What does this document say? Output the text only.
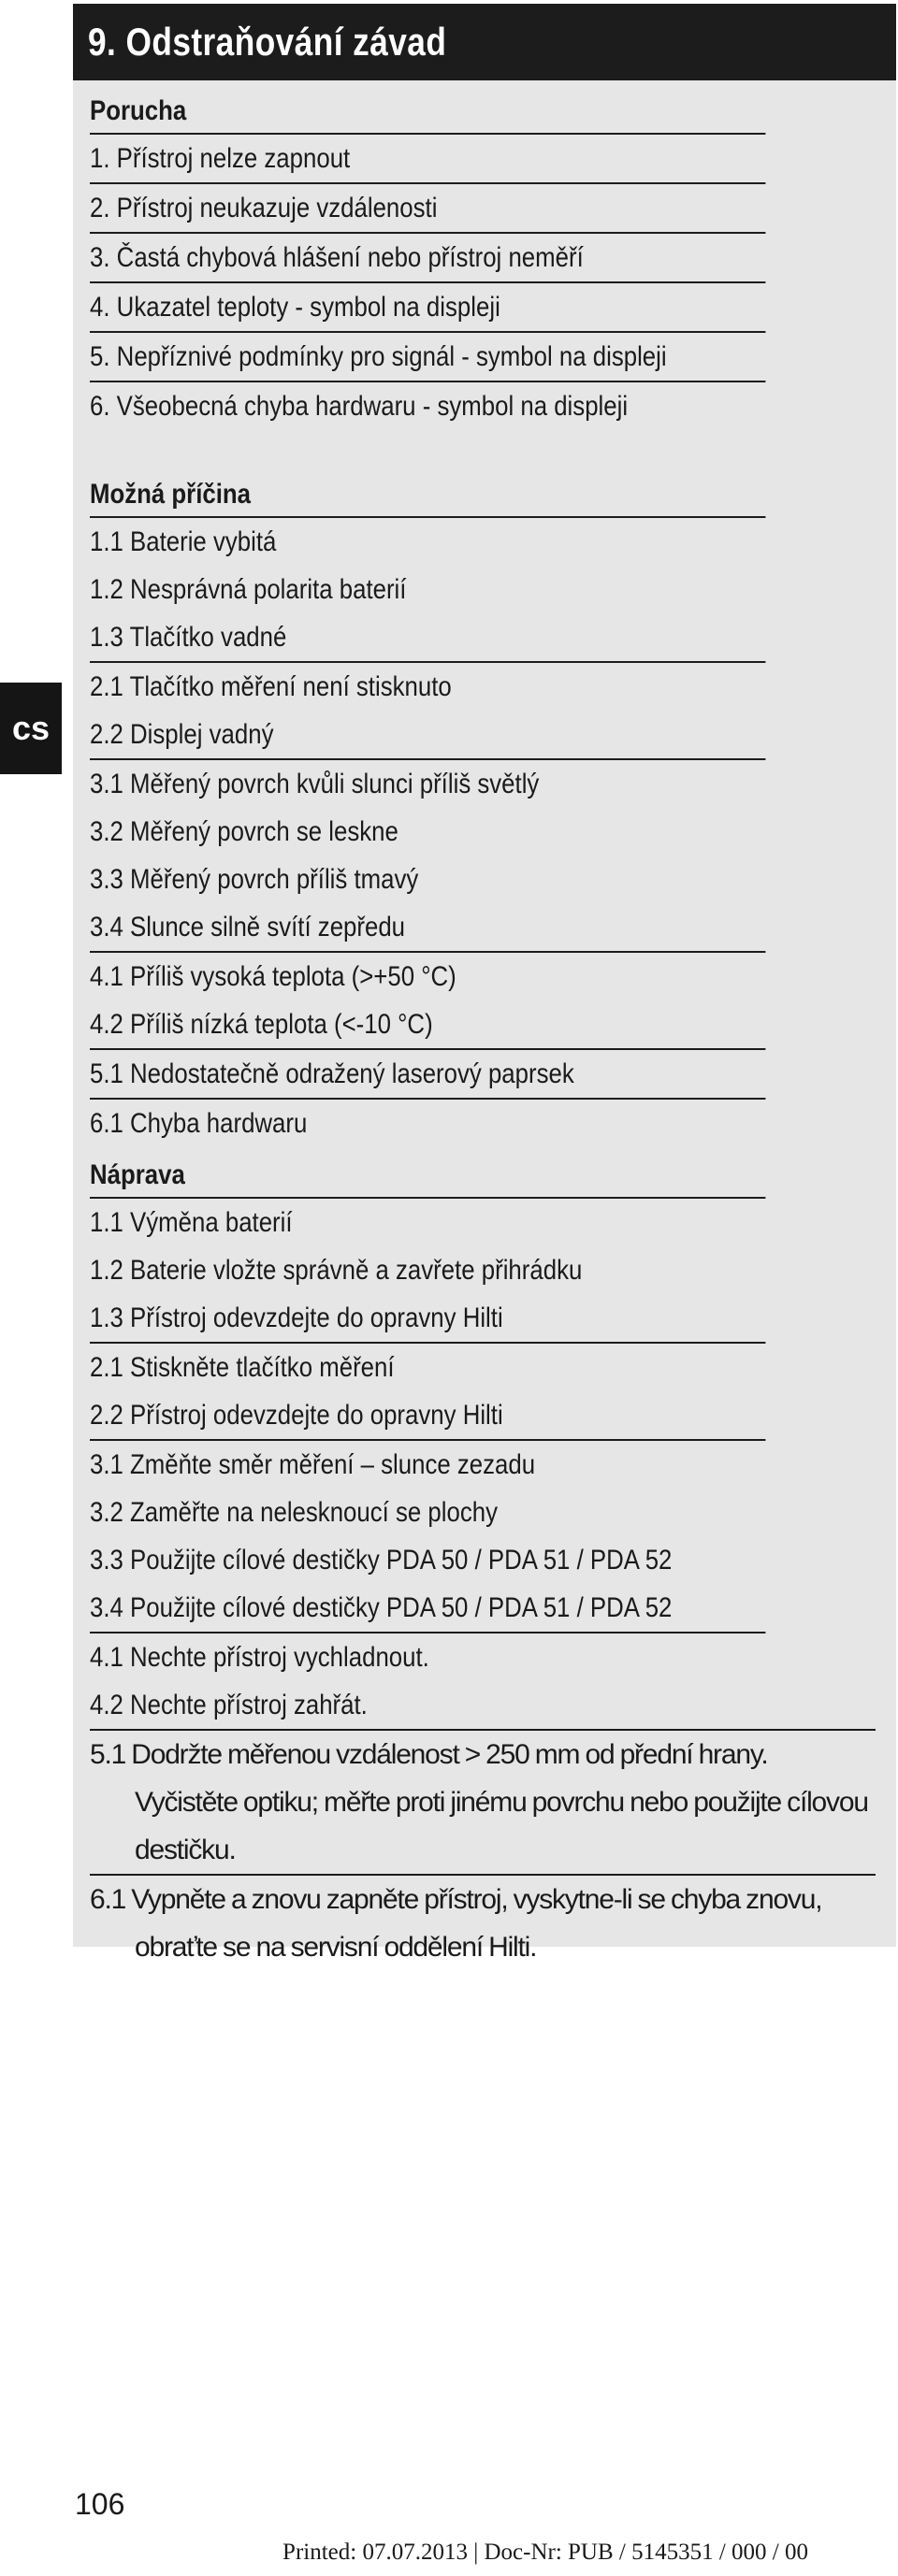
cs
9. Odstraňování závad
Porucha
1. Přístroj nelze zapnout
2. Přístroj neukazuje vzdálenosti
3. Častá chybová hlášení nebo přístroj neměří
4. Ukazatel teploty - symbol na displeji
5. Nepříznivé podmínky pro signál - symbol na displeji
6. Všeobecná chyba hardwaru - symbol na displeji
Možná příčina
1.1 Baterie vybitá
1.2 Nesprávná polarita baterií
1.3 Tlačítko vadné
2.1 Tlačítko měření není stisknuto
2.2 Displej vadný
3.1 Měřený povrch kvůli slunci příliš světlý
3.2 Měřený povrch se leskne
3.3 Měřený povrch příliš tmavý
3.4 Slunce silně svítí zepředu
4.1 Příliš vysoká teplota (>+50 °C)
4.2 Příliš nízká teplota (<-10 °C)
5.1 Nedostatečně odražený laserový paprsek
6.1 Chyba hardwaru
Náprava
1.1 Výměna baterií
1.2 Baterie vložte správně a zavřete přihrádku
1.3 Přístroj odevzdejte do opravny Hilti
2.1 Stiskněte tlačítko měření
2.2 Přístroj odevzdejte do opravny Hilti
3.1 Změňte směr měření – slunce zezadu
3.2 Zaměřte na nelesknoucí se plochy
3.3 Použijte cílové destičky PDA 50 / PDA 51 / PDA 52
3.4 Použijte cílové destičky PDA 50 / PDA 51 / PDA 52
4.1 Nechte přístroj vychladnout.
4.2 Nechte přístroj zahřát.
5.1 Dodržte měřenou vzdálenost > 250 mm od přední hrany. Vyčistěte optiku; měřte proti jinému povrchu nebo použijte cílovou destičku.
6.1 Vypněte a znovu zapněte přístroj, vyskytne-li se chyba znovu, obraťte se na servisní oddělení Hilti.
106
Printed: 07.07.2013 | Doc-Nr: PUB / 5145351 / 000 / 00
